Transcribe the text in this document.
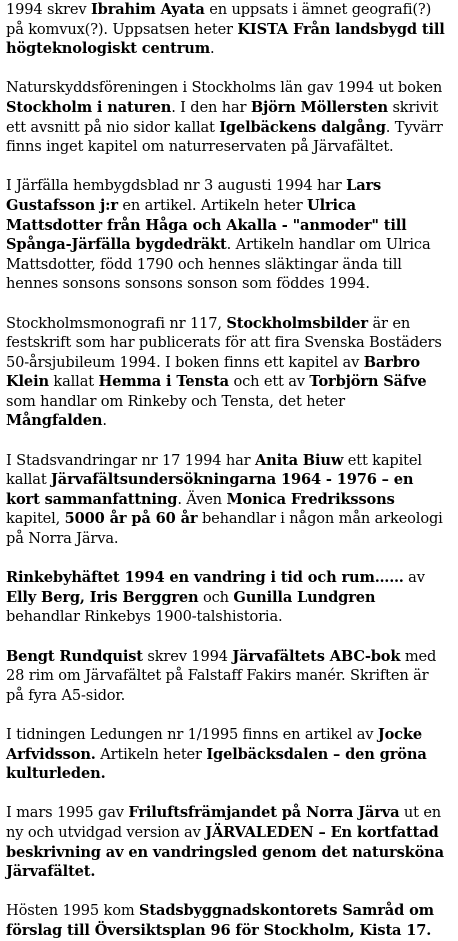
1994 skrev Ibrahim Ayata en uppsats i ämnet geografi(?) på komvux(?). Uppsatsen heter KISTA Från landsbygd till högteknologiskt centrum.

Naturskyddsföreningen i Stockholms län gav 1994 ut boken Stockholm i naturen. I den har Björn Möllersten skrivit ett avsnitt på nio sidor kallat Igelbäckens dalgång. Tyvärr finns inget kapitel om naturreservaten på Järvafältet.

I Järfälla hembygdsblad nr 3 augusti 1994 har Lars Gustafsson j:r en artikel. Artikeln heter Ulrica Mattsdotter från Håga och Akalla - "anmoder" till Spånga-Järfälla bygdedräkt. Artikeln handlar om Ulrica Mattsdotter, född 1790 och hennes släktingar ända till hennes sonsons sonsons sonson som föddes 1994.

Stockholmsmonografi nr 117, Stockholmsbilder är en festskrift som har publicerats för att fira Svenska Bostäders 50-årsjubileum 1994. I boken finns ett kapitel av Barbro Klein kallat Hemma i Tensta och ett av Torbjörn Säfve som handlar om Rinkeby och Tensta, det heter Mångfalden.

I Stadsvandringar nr 17 1994 har Anita Biuw ett kapitel kallat Järvafältsundersökningarna 1964 - 1976 – en kort sammanfattning. Även Monica Fredrikssons kapitel, 5000 år på 60 år behandlar i någon mån arkeologi på Norra Järva.

Rinkebyhäftet 1994 en vandring i tid och rum…… av Elly Berg, Iris Berggren och Gunilla Lundgren behandlar Rinkebys 1900-talshistoria.

Bengt Rundquist skrev 1994 Järvafältets ABC-bok med 28 rim om Järvafältet på Falstaff Fakirs manér. Skriften är på fyra A5-sidor.

I tidningen Ledungen nr 1/1995 finns en artikel av Jocke Arfvidsson. Artikeln heter Igelbäcksdalen – den gröna kulturleden.

I mars 1995 gav Friluftsfrämjandet på Norra Järva ut en ny och utvidgad version av JÄRVALEDEN – En kortfattad beskrivning av en vandringsled genom det natursköna Järvafältet.

Hösten 1995 kom Stadsbyggnadskontorets Samråd om förslag till Översiktsplan 96 för Stockholm, Kista 17.
